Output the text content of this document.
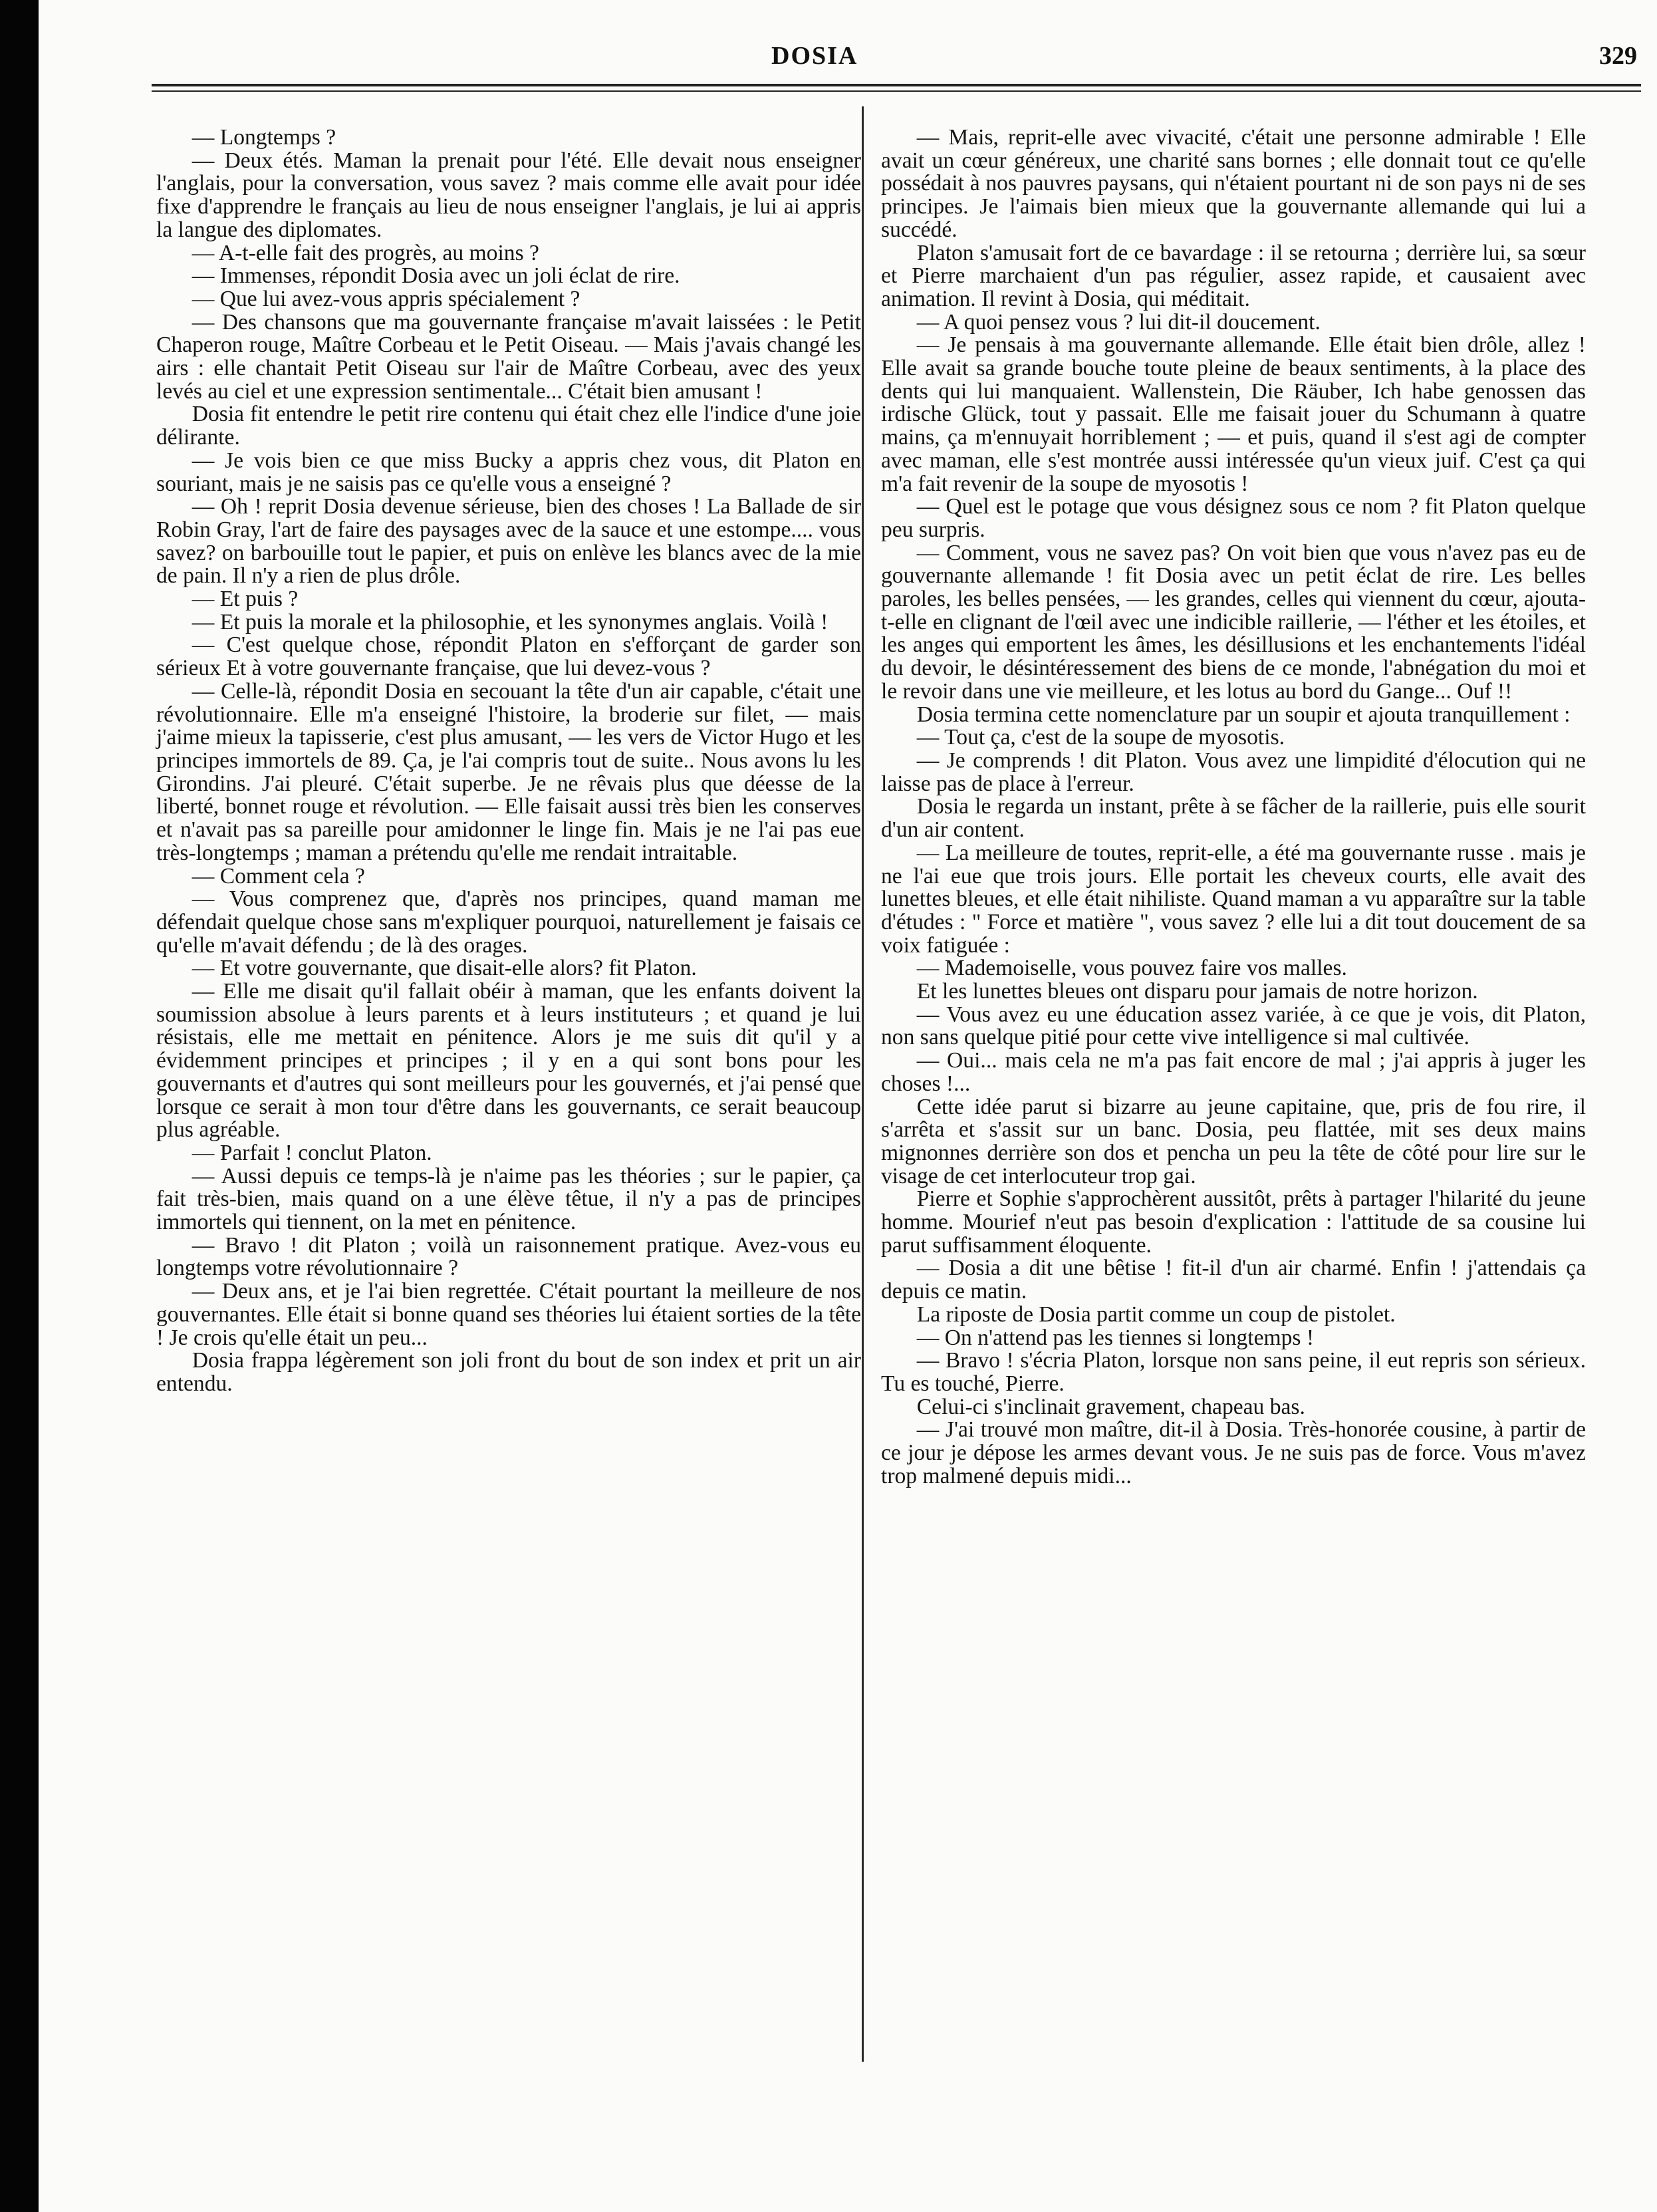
DOSIA	329

— Longtemps ?

— Deux étés. Maman la prenait pour l'été. Elle devait nous enseigner l'anglais, pour la conversation, vous savez ? mais comme elle avait pour idée fixe d'apprendre le français au lieu de nous enseigner l'anglais, je lui ai appris la langue des diplomates.

— A-t-elle fait des progrès, au moins ?

— Immenses, répondit Dosia avec un joli éclat de rire.

— Que lui avez-vous appris spécialement ?

— Des chansons que ma gouvernante française m'avait laissées : le Petit Chaperon rouge, Maître Corbeau et le Petit Oiseau. — Mais j'avais changé les airs : elle chantait Petit Oiseau sur l'air de Maître Corbeau, avec des yeux levés au ciel et une expression sentimentale... C'était bien amusant !

Dosia fit entendre le petit rire contenu qui était chez elle l'indice d'une joie délirante.

— Je vois bien ce que miss Bucky a appris chez vous, dit Platon en souriant, mais je ne saisis pas ce qu'elle vous a enseigné ?

— Oh ! reprit Dosia devenue sérieuse, bien des choses ! La Ballade de sir Robin Gray, l'art de faire des paysages avec de la sauce et une estompe.... vous savez? on barbouille tout le papier, et puis on enlève les blancs avec de la mie de pain. Il n'y a rien de plus drôle.

— Et puis ?

— Et puis la morale et la philosophie, et les synonymes anglais. Voilà !

— C'est quelque chose, répondit Platon en s'efforçant de garder son sérieux Et à votre gouvernante française, que lui devez-vous ?

— Celle-là, répondit Dosia en secouant la tête d'un air capable, c'était une révolutionnaire. Elle m'a enseigné l'histoire, la broderie sur filet, — mais j'aime mieux la tapisserie, c'est plus amusant, — les vers de Victor Hugo et les principes immortels de 89. Ça, je l'ai compris tout de suite.. Nous avons lu les Girondins. J'ai pleuré. C'était superbe. Je ne rêvais plus que déesse de la liberté, bonnet rouge et révolution. — Elle faisait aussi très bien les conserves et n'avait pas sa pareille pour amidonner le linge fin. Mais je ne l'ai pas eue très-longtemps ; maman a prétendu qu'elle me rendait intraitable.

— Comment cela ?

— Vous comprenez que, d'après nos principes, quand maman me défendait quelque chose sans m'expliquer pourquoi, naturellement je faisais ce qu'elle m'avait défendu ; de là des orages.

— Et votre gouvernante, que disait-elle alors? fit Platon.

— Elle me disait qu'il fallait obéir à maman, que les enfants doivent la soumission absolue à leurs parents et à leurs instituteurs ; et quand je lui résistais, elle me mettait en pénitence. Alors je me suis dit qu'il y a évidemment principes et principes ; il y en a qui sont bons pour les gouvernants et d'autres qui sont meilleurs pour les gouvernés, et j'ai pensé que lorsque ce serait à mon tour d'être dans les gouvernants, ce serait beaucoup plus agréable.

— Parfait ! conclut Platon.

— Aussi depuis ce temps-là je n'aime pas les théories ; sur le papier, ça fait très-bien, mais quand on a une élève têtue, il n'y a pas de principes immortels qui tiennent, on la met en pénitence.

— Bravo ! dit Platon ; voilà un raisonnement pratique. Avez-vous eu longtemps votre révolutionnaire ?

— Deux ans, et je l'ai bien regrettée. C'était pourtant la meilleure de nos gouvernantes. Elle était si bonne quand ses théories lui étaient sorties de la tête ! Je crois qu'elle était un peu...

Dosia frappa légèrement son joli front du bout de son index et prit un air entendu.

— Mais, reprit-elle avec vivacité, c'était une personne admirable ! Elle avait un cœur généreux, une charité sans bornes ; elle donnait tout ce qu'elle possédait à nos pauvres paysans, qui n'étaient pourtant ni de son pays ni de ses principes. Je l'aimais bien mieux que la gouvernante allemande qui lui a succédé.

Platon s'amusait fort de ce bavardage : il se retourna ; derrière lui, sa sœur et Pierre marchaient d'un pas régulier, assez rapide, et causaient avec animation. Il revint à Dosia, qui méditait.

— A quoi pensez vous ? lui dit-il doucement.

— Je pensais à ma gouvernante allemande. Elle était bien drôle, allez ! Elle avait sa grande bouche toute pleine de beaux sentiments, à la place des dents qui lui manquaient. Wallenstein, Die Räuber, Ich habe genossen das irdische Glück, tout y passait. Elle me faisait jouer du Schumann à quatre mains, ça m'ennuyait horriblement ; — et puis, quand il s'est agi de compter avec maman, elle s'est montrée aussi intéressée qu'un vieux juif. C'est ça qui m'a fait revenir de la soupe de myosotis !

— Quel est le potage que vous désignez sous ce nom ? fit Platon quelque peu surpris.

— Comment, vous ne savez pas? On voit bien que vous n'avez pas eu de gouvernante allemande ! fit Dosia avec un petit éclat de rire. Les belles paroles, les belles pensées, — les grandes, celles qui viennent du cœur, ajouta-t-elle en clignant de l'œil avec une indicible raillerie, — l'éther et les étoiles, et les anges qui emportent les âmes, les désillusions et les enchantements l'idéal du devoir, le désintéressement des biens de ce monde, l'abnégation du moi et le revoir dans une vie meilleure, et les lotus au bord du Gange... Ouf !!

Dosia termina cette nomenclature par un soupir et ajouta tranquillement :

— Tout ça, c'est de la soupe de myosotis.

— Je comprends ! dit Platon. Vous avez une limpidité d'élocution qui ne laisse pas de place à l'erreur.

Dosia le regarda un instant, prête à se fâcher de la raillerie, puis elle sourit d'un air content.

— La meilleure de toutes, reprit-elle, a été ma gouvernante russe . mais je ne l'ai eue que trois jours. Elle portait les cheveux courts, elle avait des lunettes bleues, et elle était nihiliste. Quand maman a vu apparaître sur la table d'études : " Force et matière ", vous savez ? elle lui a dit tout doucement de sa voix fatiguée :

— Mademoiselle, vous pouvez faire vos malles.

Et les lunettes bleues ont disparu pour jamais de notre horizon.

— Vous avez eu une éducation assez variée, à ce que je vois, dit Platon, non sans quelque pitié pour cette vive intelligence si mal cultivée.

— Oui... mais cela ne m'a pas fait encore de mal ; j'ai appris à juger les choses !...

Cette idée parut si bizarre au jeune capitaine, que, pris de fou rire, il s'arrêta et s'assit sur un banc. Dosia, peu flattée, mit ses deux mains mignonnes derrière son dos et pencha un peu la tête de côté pour lire sur le visage de cet interlocuteur trop gai.

Pierre et Sophie s'approchèrent aussitôt, prêts à partager l'hilarité du jeune homme. Mourief n'eut pas besoin d'explication : l'attitude de sa cousine lui parut suffisamment éloquente.

— Dosia a dit une bêtise ! fit-il d'un air charmé. Enfin ! j'attendais ça depuis ce matin.

La riposte de Dosia partit comme un coup de pistolet.

— On n'attend pas les tiennes si longtemps !

— Bravo ! s'écria Platon, lorsque non sans peine, il eut repris son sérieux. Tu es touché, Pierre.

Celui-ci s'inclinait gravement, chapeau bas.

— J'ai trouvé mon maître, dit-il à Dosia. Très-honorée cousine, à partir de ce jour je dépose les armes devant vous. Je ne suis pas de force. Vous m'avez trop malmené depuis midi...
